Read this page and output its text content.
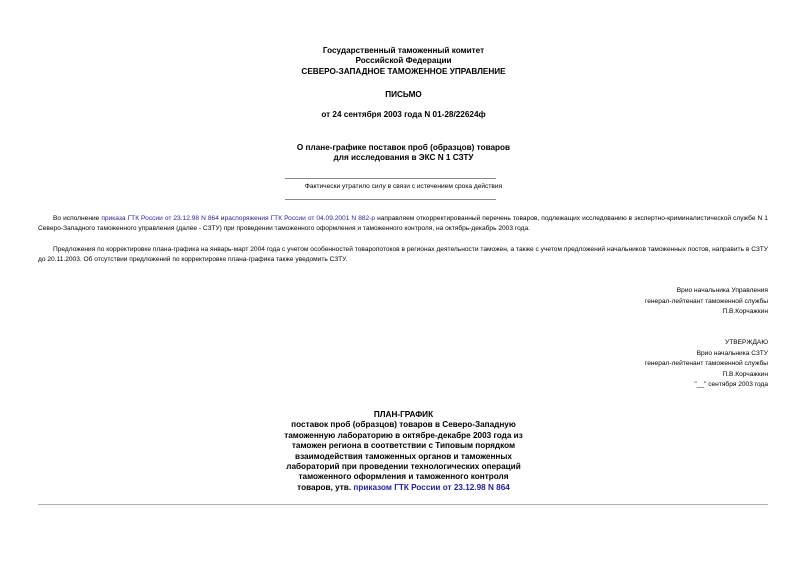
Государственный таможенный комитет
Российской Федерации
СЕВЕРО-ЗАПАДНОЕ ТАМОЖЕННОЕ УПРАВЛЕНИЕ
ПИСЬМО
от 24 сентября 2003 года N 01-28/22624ф
О плане-графике поставок проб (образцов) товаров
для исследования в ЭКС N 1 СЗТУ
Фактически утратило силу в связи с истечением срока действия
Во исполнение приказа ГТК России от 23.12.98 N 864 ираспоряжения ГТК России от 04.09.2001 N 882-р направляем откорректированный перечень товаров, подлежащих исследованию в экспертно-криминалистической службе N 1 Северо-Западного таможенного управления (далее - СЗТУ) при проведении таможенного оформления и таможенного контроля, на октябрь-декабрь 2003 года.
Предложения по корректировке плана-графика на январь-март 2004 года с учетом особенностей товаропотоков в регионах деятельности таможен, а также с учетом предложений начальников таможенных постов, направить в СЗТУ до 20.11.2003. Об отсутствии предложений по корректировке плана-графика также уведомить СЗТУ.
Врио начальника Управления
генерал-лейтенант таможенной службы
П.В.Корчажкин
УТВЕРЖДАЮ
Врио начальника СЗТУ
генерал-лейтенант таможенной службы
П.В.Корчажкин
"__" сентября 2003 года
ПЛАН-ГРАФИК
поставок проб (образцов) товаров в Северо-Западную
таможенную лабораторию в октябре-декабре 2003 года из
таможен региона в соответствии с Типовым порядком
взаимодействия таможенных органов и таможенных
лабораторий при проведении технологических операций
таможенного оформления и таможенного контроля
товаров, утв. приказом ГТК России от 23.12.98 N 864
